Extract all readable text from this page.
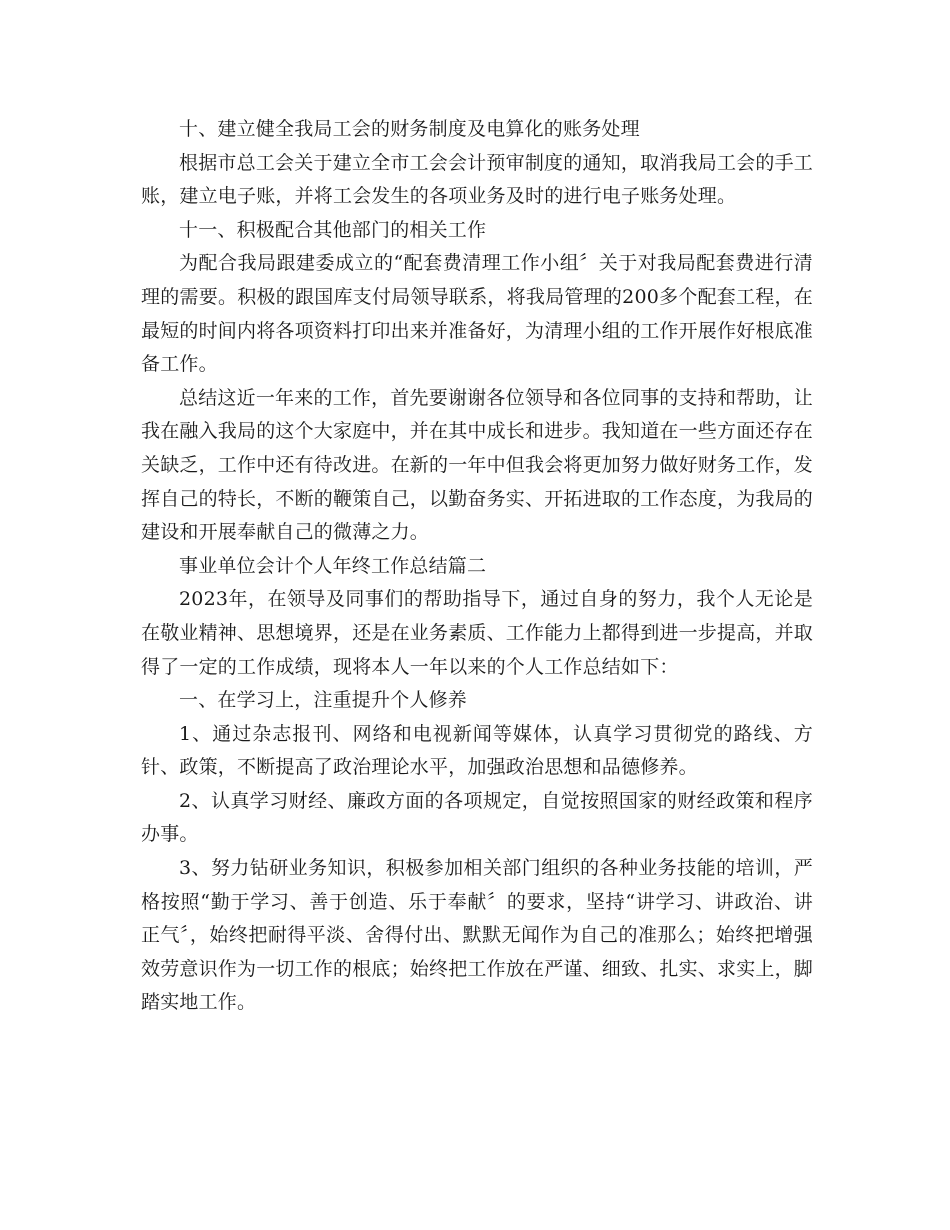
十、建立健全我局工会的财务制度及电算化的账务处理

根据市总工会关于建立全市工会会计预审制度的通知，取消我局工会的手工账，建立电子账，并将工会发生的各项业务及时的进行电子账务处理。

十一、积极配合其他部门的相关工作

为配合我局跟建委成立的“配套费清理工作小组〞关于对我局配套费进行清理的需要。积极的跟国库支付局领导联系，将我局管理的200多个配套工程，在最短的时间内将各项资料打印出来并准备好，为清理小组的工作开展作好根底准备工作。

总结这近一年来的工作，首先要谢谢各位领导和各位同事的支持和帮助，让我在融入我局的这个大家庭中，并在其中成长和进步。我知道在一些方面还存在关缺乏，工作中还有待改进。在新的一年中但我会将更加努力做好财务工作，发挥自己的特长，不断的鞭策自己，以勤奋务实、开拓进取的工作态度，为我局的建设和开展奉献自己的微薄之力。

事业单位会计个人年终工作总结篇二

2023年，在领导及同事们的帮助指导下，通过自身的努力，我个人无论是在敬业精神、思想境界，还是在业务素质、工作能力上都得到进一步提高，并取得了一定的工作成绩，现将本人一年以来的个人工作总结如下：

一、在学习上，注重提升个人修养

1、通过杂志报刊、网络和电视新闻等媒体，认真学习贯彻党的路线、方针、政策，不断提高了政治理论水平，加强政治思想和品德修养。

2、认真学习财经、廉政方面的各项规定，自觉按照国家的财经政策和程序办事。

3、努力钻研业务知识，积极参加相关部门组织的各种业务技能的培训，严格按照“勤于学习、善于创造、乐于奉献〞的要求，坚持“讲学习、讲政治、讲正气〞，始终把耐得平淡、舍得付出、默默无闻作为自己的准那么；始终把增强效劳意识作为一切工作的根底；始终把工作放在严谨、细致、扎实、求实上，脚踏实地工作。
